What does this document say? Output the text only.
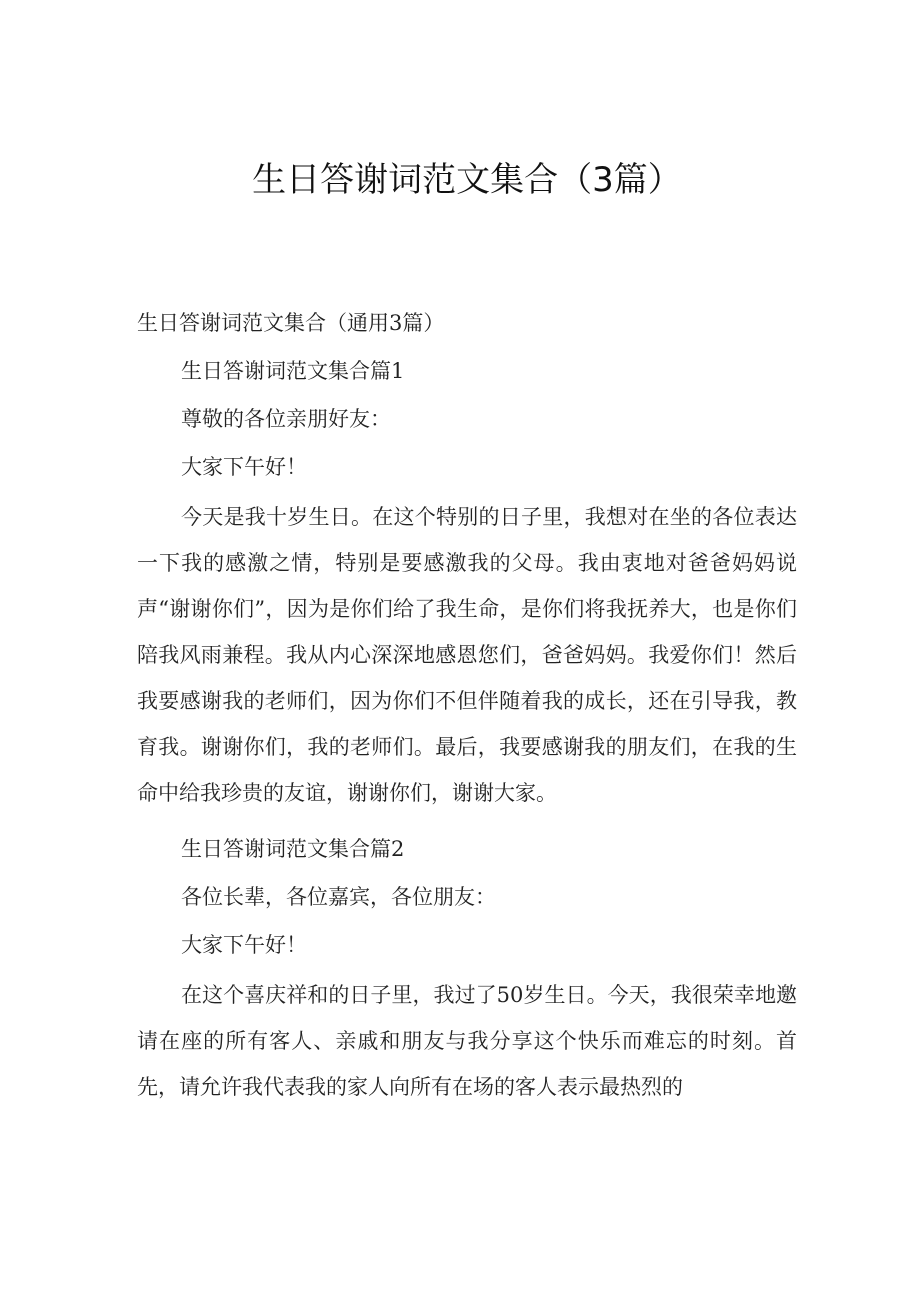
生日答谢词范文集合（3篇）
生日答谢词范文集合（通用3篇）
生日答谢词范文集合篇1
尊敬的各位亲朋好友：
大家下午好！
今天是我十岁生日。在这个特别的日子里，我想对在坐的各位表达一下我的感激之情，特别是要感激我的父母。我由衷地对爸爸妈妈说声“谢谢你们”，因为是你们给了我生命，是你们将我抚养大，也是你们陪我风雨兼程。我从内心深深地感恩您们，爸爸妈妈。我爱你们！然后我要感谢我的老师们，因为你们不但伴随着我的成长，还在引导我，教育我。谢谢你们，我的老师们。最后，我要感谢我的朋友们，在我的生命中给我珍贵的友谊，谢谢你们，谢谢大家。
生日答谢词范文集合篇2
各位长辈，各位嘉宾，各位朋友：
大家下午好！
在这个喜庆祥和的日子里，我过了50岁生日。今天，我很荣幸地邀请在座的所有客人、亲戚和朋友与我分享这个快乐而难忘的时刻。首先，请允许我代表我的家人向所有在场的客人表示最热烈的
